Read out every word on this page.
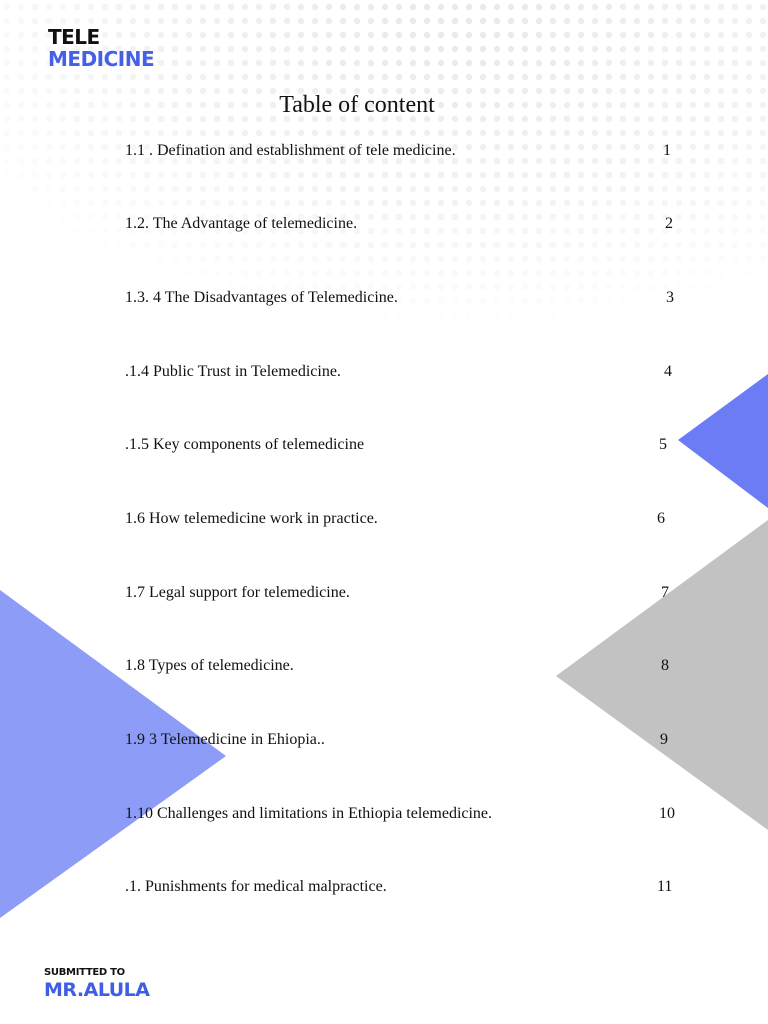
TELE
MEDICINE
Table of content
1.1 . Defination and establishment of tele medicine.	1
1.2. The Advantage of telemedicine.	2
1.3. 4 The Disadvantages of Telemedicine.	3
.1.4 Public Trust in Telemedicine.	4
.1.5 Key components of telemedicine	5
1.6 How telemedicine work in practice.	6
1.7 Legal support for telemedicine.	7
1.8 Types of telemedicine.	8
1.9 3 Telemedicine in Ehiopia..	9
1.10 Challenges and limitations in Ethiopia telemedicine.	10
.1. Punishments for medical malpractice.	11
SUBMITTED TO
MR.ALULA
